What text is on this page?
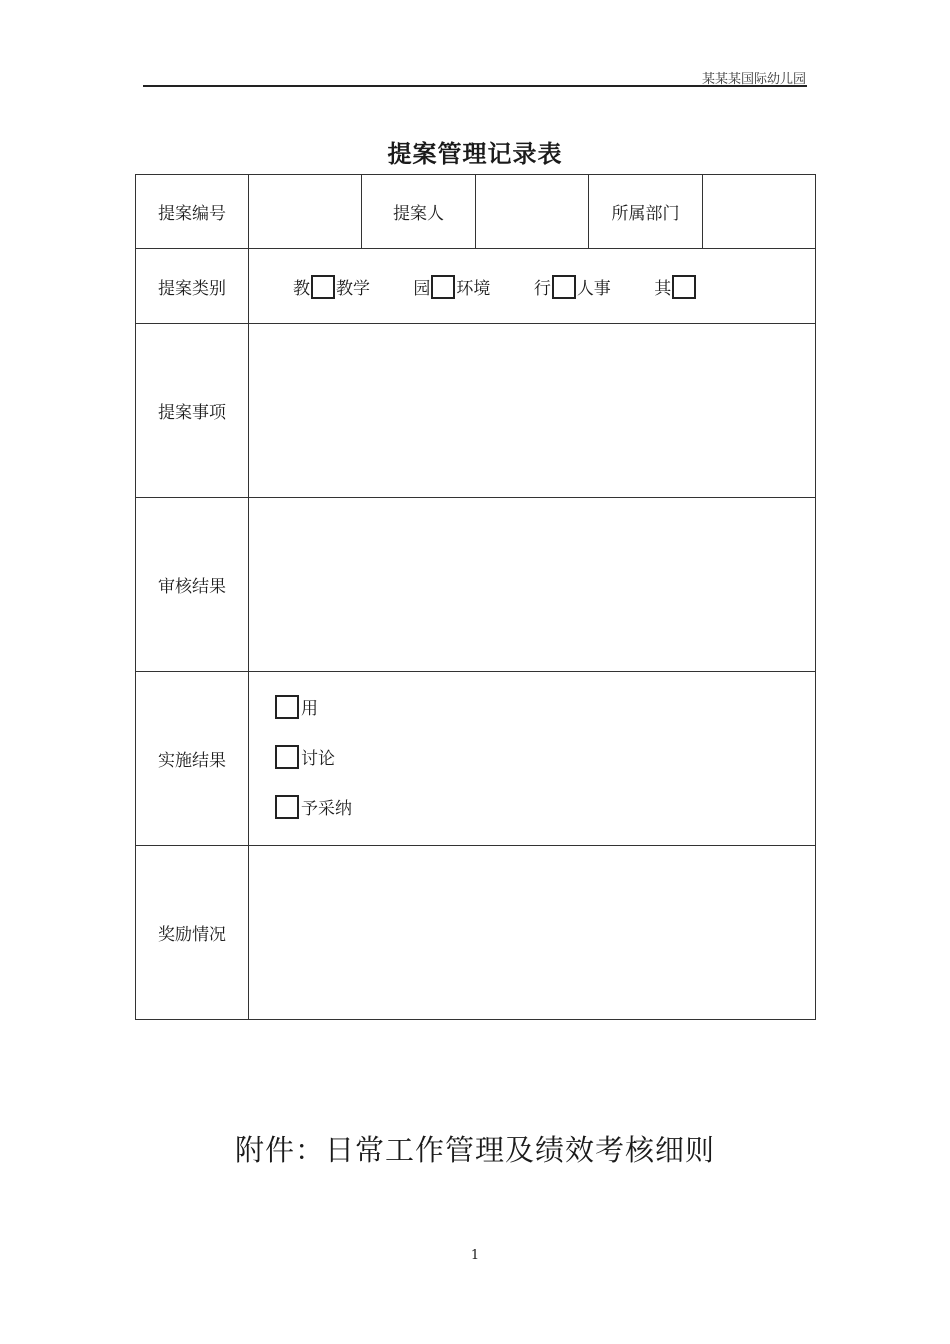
某某某国际幼儿园
提案管理记录表
提案编号		提案人		所属部门	
提案类别	教 教学 园 环境 行 人事 其				

提案事项					
审核结果					
实施结果	用
讨论
予采纳				

奖励情况					
附件：日常工作管理及绩效考核细则
1
